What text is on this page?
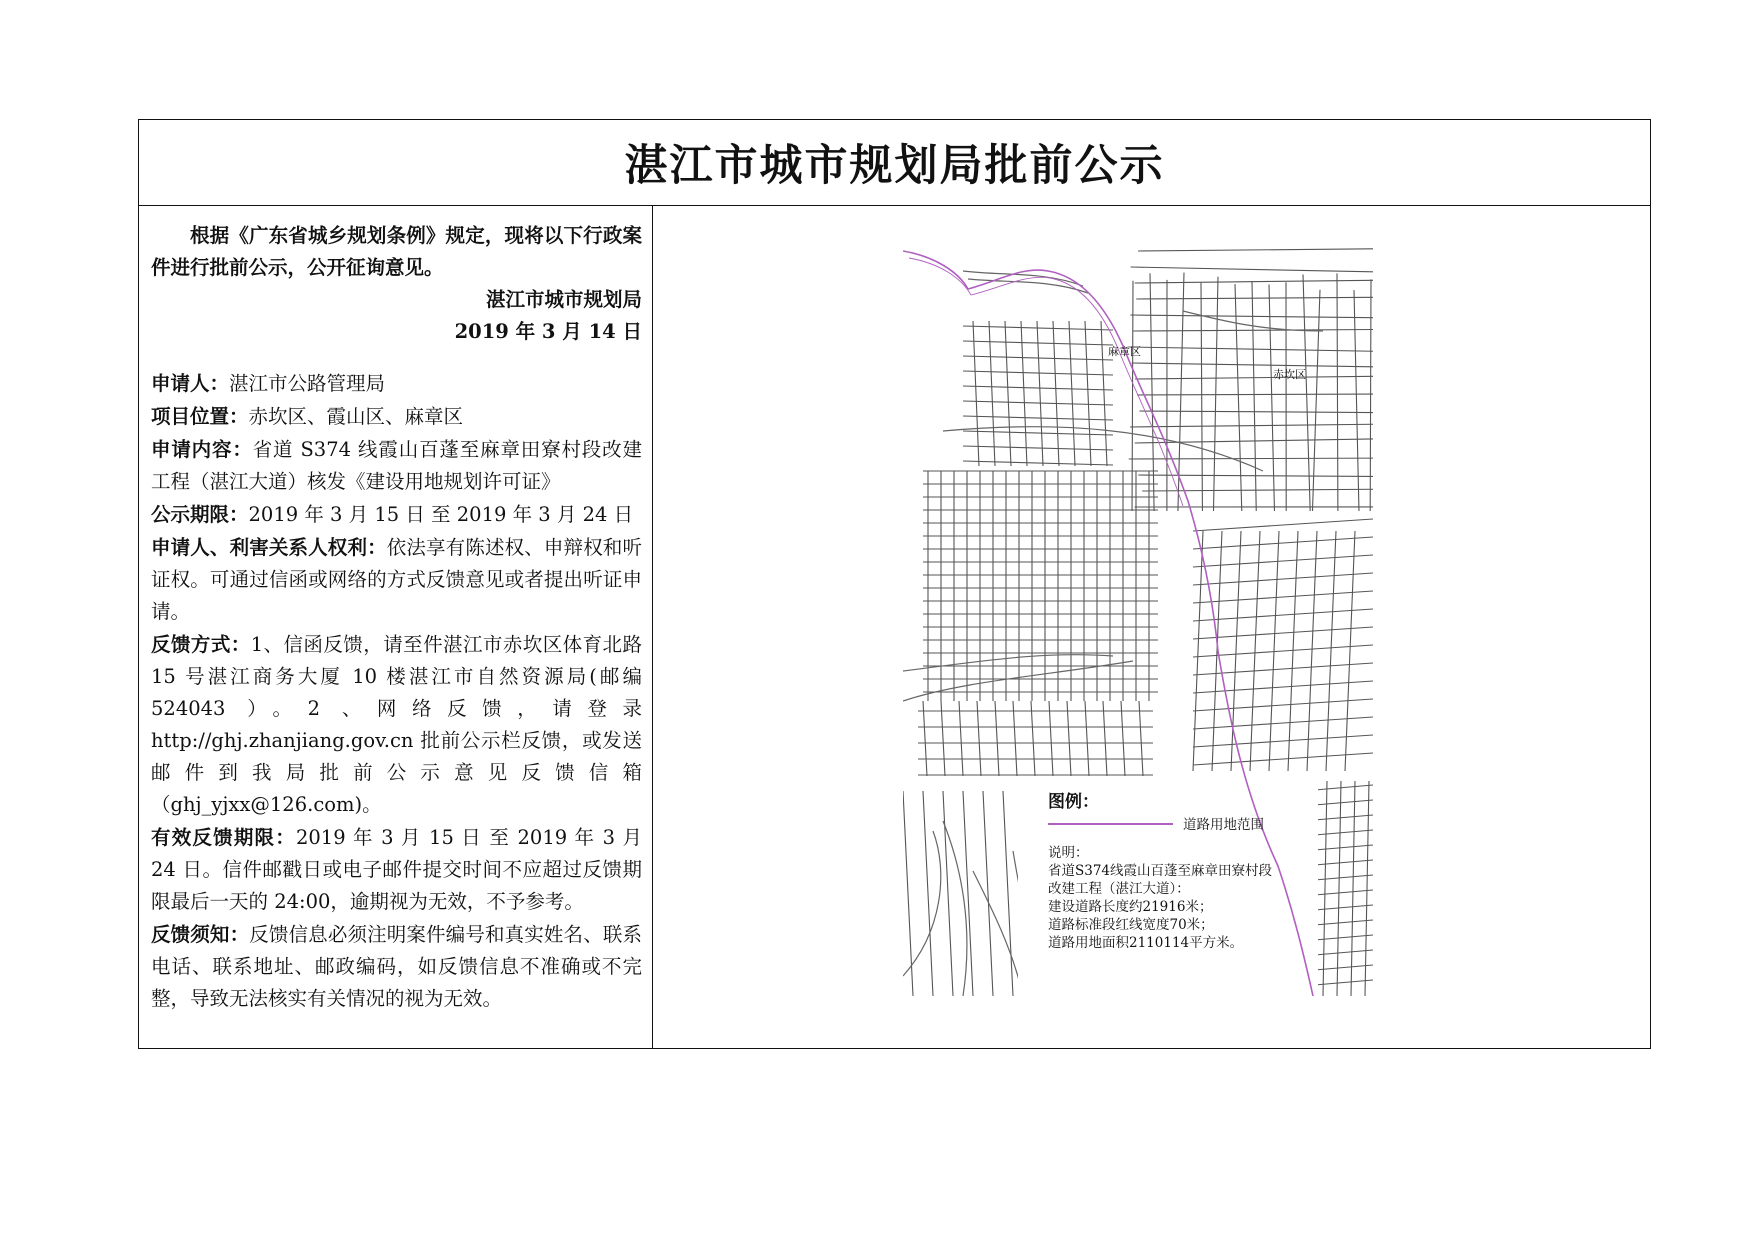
湛江市城市规划局批前公示

根据《广东省城乡规划条例》规定，现将以下行政案件进行批前公示，公开征询意见。

湛江市城市规划局

2019 年 3 月 14 日

申请人：湛江市公路管理局

项目位置：赤坎区、霞山区、麻章区

申请内容：省道 S374 线霞山百蓬至麻章田寮村段改建工程（湛江大道）核发《建设用地规划许可证》

公示期限：2019 年 3 月 15 日 至 2019 年 3 月 24 日

申请人、利害关系人权利：依法享有陈述权、申辩权和听证权。可通过信函或网络的方式反馈意见或者提出听证申请。

反馈方式：1、信函反馈，请至件湛江市赤坎区体育北路 15 号湛江商务大厦 10 楼湛江市自然资源局(邮编 524043 ）。2 、网络反馈，请登录 http://ghj.zhanjiang.gov.cn 批前公示栏反馈，或发送邮件到我局批前公示意见反馈信箱（ghj_yjxx@126.com)。

有效反馈期限：2019 年 3 月 15 日 至 2019 年 3 月 24 日。信件邮戳日或电子邮件提交时间不应超过反馈期限最后一天的 24:00，逾期视为无效，不予参考。

反馈须知：反馈信息必须注明案件编号和真实姓名、联系电话、联系地址、邮政编码，如反馈信息不准确或不完整，导致无法核实有关情况的视为无效。

麻章区
赤坎区
图例：
道路用地范围
说明：
省道S374线霞山百蓬至麻章田寮村段
改建工程（湛江大道）：
建设道路长度约21916米；
道路标准段红线宽度70米；
道路用地面积2110114平方米。
